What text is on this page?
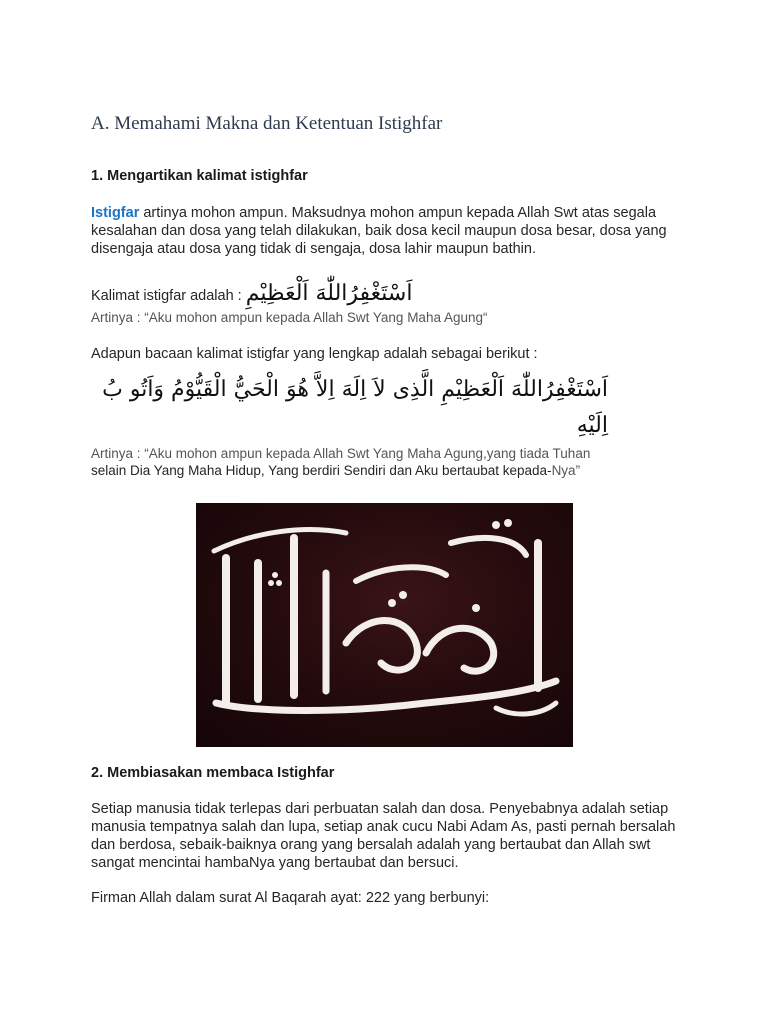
A. Memahami Makna dan Ketentuan Istighfar

1. Mengartikan kalimat istighfar

Istigfar artinya mohon ampun. Maksudnya mohon ampun kepada Allah Swt atas segala kesalahan dan dosa yang telah dilakukan, baik dosa kecil maupun dosa besar, dosa yang disengaja atau dosa yang tidak di sengaja, dosa lahir maupun bathin.

Kalimat istigfar adalah : اَسْتَغْفِرُاللّٰهَ اَلْعَظِيْمِ

Artinya : “Aku mohon ampun kepada Allah Swt Yang Maha Agung“

Adapun bacaan kalimat istigfar yang lengkap adalah sebagai berikut :

اَسْتَغْفِرُاللّٰهَ اَلْعَظِيْمِ الَّذِى لاَ اِلَهَ اِلاَّ هُوَ الْحَيُّ الْقَيُّوْمُ وَاَتُو بُ اِلَيْهِ

Artinya : “Aku mohon ampun kepada Allah Swt Yang Maha Agung,yang tiada Tuhan
selain Dia Yang Maha Hidup, Yang berdiri Sendiri dan Aku bertaubat kepada-Nya”

2. Membiasakan membaca Istighfar

Setiap manusia tidak terlepas dari perbuatan salah dan dosa. Penyebabnya adalah setiap manusia tempatnya salah dan lupa, setiap anak cucu Nabi Adam As, pasti pernah bersalah dan berdosa, sebaik-baiknya orang yang bersalah adalah yang bertaubat dan Allah swt sangat mencintai hambaNya yang bertaubat dan bersuci.

Firman Allah dalam surat Al Baqarah ayat: 222 yang berbunyi:
